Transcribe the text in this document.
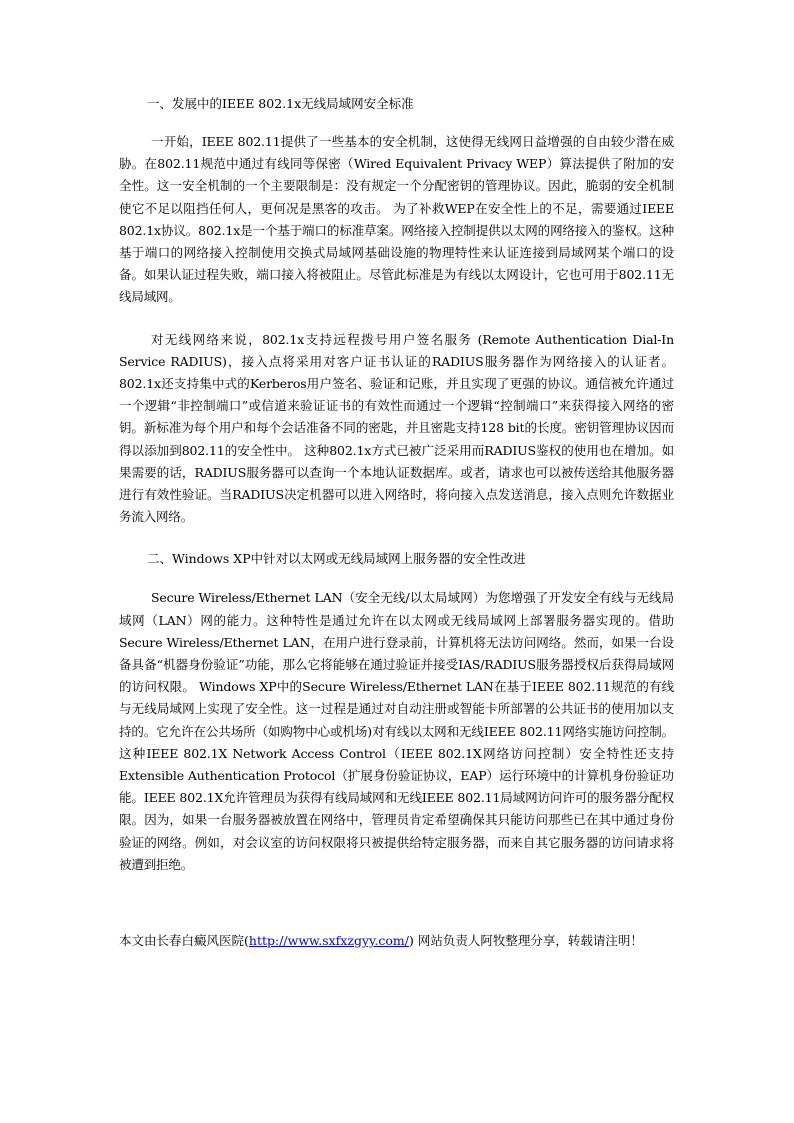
一、发展中的IEEE 802.1x无线局域网安全标准

一开始，IEEE 802.11提供了一些基本的安全机制，这使得无线网日益增强的自由较少潜在威胁。在802.11规范中通过有线同等保密（Wired Equivalent Privacy WEP）算法提供了附加的安全性。这一安全机制的一个主要限制是：没有规定一个分配密钥的管理协议。因此，脆弱的安全机制使它不足以阻挡任何人，更何况是黑客的攻击。 为了补救WEP在安全性上的不足，需要通过IEEE 802.1x协议。802.1x是一个基于端口的标准草案。网络接入控制提供以太网的网络接入的鉴权。这种基于端口的网络接入控制使用交换式局域网基础设施的物理特性来认证连接到局域网某个端口的设备。如果认证过程失败，端口接入将被阻止。尽管此标准是为有线以太网设计，它也可用于802.11无线局域网。

对无线网络来说，802.1x支持远程拨号用户签名服务 (Remote Authentication Dial-In Service RADIUS)，接入点将采用对客户证书认证的RADIUS服务器作为网络接入的认证者。802.1x还支持集中式的Kerberos用户签名、验证和记账，并且实现了更强的协议。通信被允许通过一个逻辑“非控制端口”或信道来验证证书的有效性而通过一个逻辑“控制端口”来获得接入网络的密钥。新标准为每个用户和每个会话准备不同的密匙，并且密匙支持128 bit的长度。密钥管理协议因而得以添加到802.11的安全性中。 这种802.1x方式已被广泛采用而RADIUS鉴权的使用也在增加。如果需要的话，RADIUS服务器可以查询一个本地认证数据库。或者，请求也可以被传送给其他服务器进行有效性验证。当RADIUS决定机器可以进入网络时，将向接入点发送消息，接入点则允许数据业务流入网络。

二、Windows XP中针对以太网或无线局域网上服务器的安全性改进

Secure Wireless/Ethernet LAN（安全无线/以太局域网）为您增强了开发安全有线与无线局域网（LAN）网的能力。这种特性是通过允许在以太网或无线局域网上部署服务器实现的。借助Secure Wireless/Ethernet LAN，在用户进行登录前，计算机将无法访问网络。然而，如果一台设备具备“机器身份验证”功能，那么它将能够在通过验证并接受IAS/RADIUS服务器授权后获得局域网的访问权限。 Windows XP中的Secure Wireless/Ethernet LAN在基于IEEE 802.11规范的有线与无线局域网上实现了安全性。这一过程是通过对自动注册或智能卡所部署的公共证书的使用加以支持的。它允许在公共场所（如购物中心或机场)对有线以太网和无线IEEE 802.11网络实施访问控制。这种IEEE 802.1X Network Access Control（IEEE 802.1X网络访问控制）安全特性还支持Extensible Authentication Protocol（扩展身份验证协议，EAP）运行环境中的计算机身份验证功能。IEEE 802.1X允许管理员为获得有线局域网和无线IEEE 802.11局域网访问许可的服务器分配权限。因为，如果一台服务器被放置在网络中，管理员肯定希望确保其只能访问那些已在其中通过身份验证的网络。例如，对会议室的访问权限将只被提供给特定服务器，而来自其它服务器的访问请求将被遭到拒绝。

本文由长春白癜风医院(http://www.sxfxzgyy.com/) 网站负责人阿牧整理分享，转载请注明！
